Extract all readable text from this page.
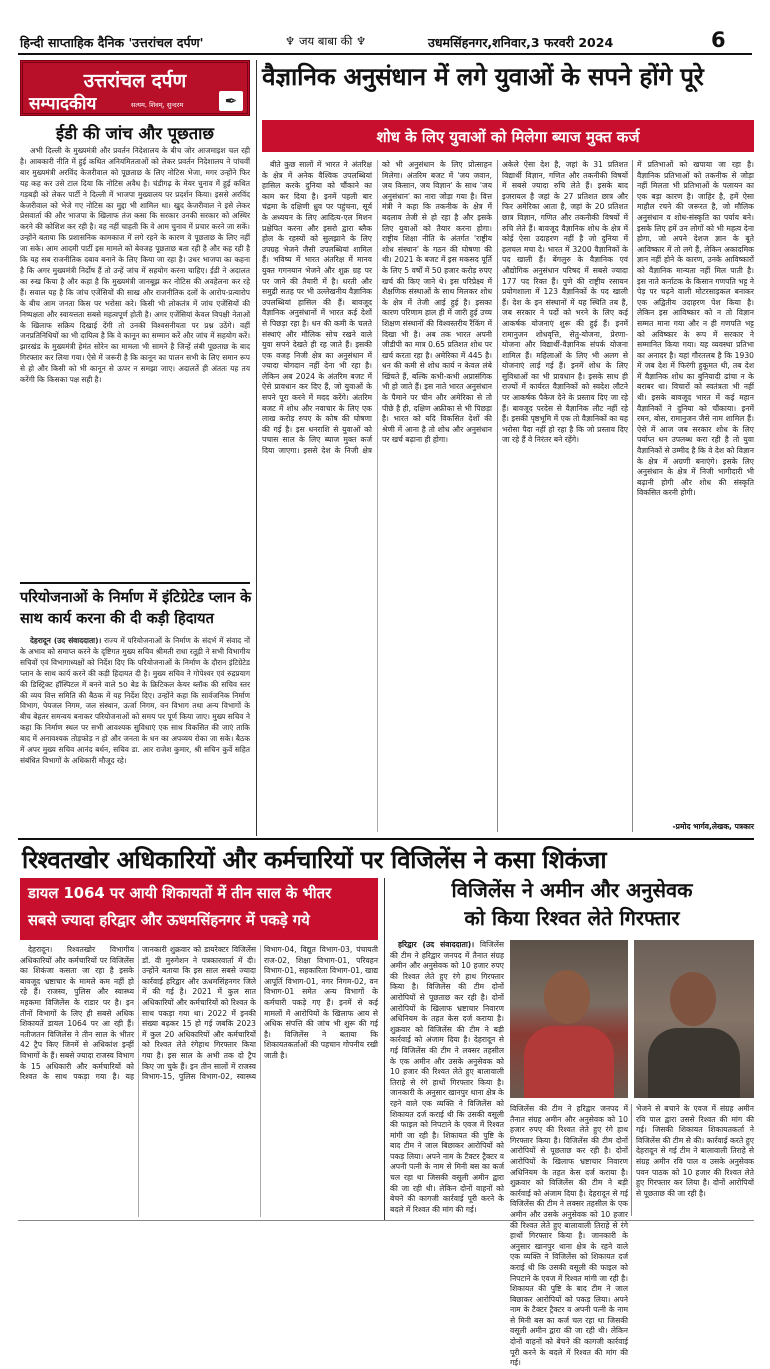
हिन्दी साप्ताहिक दैनिक 'उत्तरांचल दर्पण'	♆ जय बाबा की ♆	उधमसिंहनगर,शनिवार,3 फरवरी 2024	6
उत्तरांचल दर्पण
सम्पादकीय	सत्यम, शिवम्, सुन्दरम	✒
ईडी की जांच और पूछताछ
अभी दिल्ली के मुख्यमंत्री और प्रवर्तन निदेशालय के बीच जोर आजमाइश चल रही है। आबकारी नीति में हुई कथित अनियमितताओं को लेकर प्रवर्तन निदेशालय ने पांचवीं बार मुख्यमंत्री अरविंद केजरीवाल को पूछताछ के लिए नोटिस भेजा, मगर उन्होंने फिर यह कह कर उसे टाल दिया कि नोटिस अवैध है। चंडीगढ़ के मेयर चुनाव में हुई कथित गड़बड़ी को लेकर पार्टी ने दिल्ली में भाजपा मुख्यालय पर प्रदर्शन किया। इससे अरविंद केजरीवाल को भेजे गए नोटिस का मुद्दा भी शामिल था। खुद केजरीवाल ने इसे लेकर प्रेसवार्ता की और भाजपा के खिलाफ तंज कसा कि सरकार उनकी सरकार को अस्थिर करने की कोशिश कर रही है। वह नहीं चाहती कि वे आम चुनाव में प्रचार करने जा सकें। उन्होंने बताया कि प्रशासनिक कामकाज में लगे रहने के कारण वे पूछताछ के लिए नहीं जा सके। आम आदमी पार्टी इस मामले को बेवजह पूछताछ बता रही है और कह रही है कि यह सब राजनीतिक दबाव बनाने के लिए किया जा रहा है। उधर भाजपा का कहना है कि अगर मुख्यमंत्री निर्दोष हैं तो उन्हें जांच में सहयोग करना चाहिए। ईडी ने अदालत का रुख किया है और कहा है कि मुख्यमंत्री जानबूझ कर नोटिस की अवहेलना कर रहे हैं। सवाल यह है कि जांच एजेंसियों की साख और राजनीतिक दलों के आरोप-प्रत्यारोप के बीच आम जनता किस पर भरोसा करे। किसी भी लोकतंत्र में जांच एजेंसियों की निष्पक्षता और स्वायत्तता सबसे महत्वपूर्ण होती है। अगर एजेंसियां केवल विपक्षी नेताओं के खिलाफ सक्रिय दिखाई देंगी तो उनकी विश्वसनीयता पर प्रश्न उठेंगे। वहीं जनप्रतिनिधियों का भी दायित्व है कि वे कानून का सम्मान करें और जांच में सहयोग करें। झारखंड के मुख्यमंत्री हेमंत सोरेन का मामला भी सामने है जिन्हें लंबी पूछताछ के बाद गिरफ्तार कर लिया गया। ऐसे में जरूरी है कि कानून का पालन सभी के लिए समान रूप से हो और किसी को भी कानून से ऊपर न समझा जाए। अदालतें ही अंततः यह तय करेंगी कि किसका पक्ष सही है।
परियोजनाओं के निर्माण में इंटिग्रेटेड प्लान के साथ कार्य करना की दी कड़ी हिदायत
देहरादून (उद संवाददाता)। राज्य में परियोजनाओं के निर्माण के संदर्भ में संवाद नों के अभाव को समाप्त करने के दृष्टिगत मुख्य सचिव श्रीमती राधा रतूड़ी ने सभी विभागीय सचिवों एवं विभागाध्यक्षों को निर्देश दिए कि परियोजनाओं के निर्माण के दौरान इंटिग्रेटेड प्लान के साथ कार्य करने की कड़ी हिदायत दी है। मुख्य सचिव ने गोपेश्वर एवं रुद्रप्रयाग की डिस्ट्रिक्ट हॉस्पिटल में बनने वाले 50 बेड के क्रिटिकल केयर ब्लॉक की सचिव स्तर की व्यय वित्त समिति की बैठक में यह निर्देश दिए। उन्होंने कहा कि सार्वजनिक निर्माण विभाग, पेयजल निगम, जल संस्थान, ऊर्जा निगम, वन विभाग तथा अन्य विभागों के बीच बेहतर समन्वय बनाकर परियोजनाओं को समय पर पूर्ण किया जाए। मुख्य सचिव ने कहा कि निर्माण स्थल पर सभी आवश्यक सुविधाएं एक साथ विकसित की जाएं ताकि बाद में अनावश्यक तोड़फोड़ न हो और जनता के धन का अपव्यय रोका जा सके। बैठक में अपर मुख्य सचिव आनंद बर्धन, सचिव डा. आर राजेश कुमार, श्री सचिन कुर्वे सहित संबंधित विभागों के अधिकारी मौजूद रहे।
वैज्ञानिक अनुसंधान में लगे युवाओं के सपने होंगे पूरे
शोध के लिए युवाओं को मिलेगा ब्याज मुक्त कर्ज
बीते कुछ सालों में भारत ने अंतरिक्ष के क्षेत्र में अनेक वैश्विक उपलब्धियां हासिल करके दुनिया को चौंकाने का काम कर दिया है। इनमें पहली बार चंद्रमा के दक्षिणी ध्रुव पर पहुंचना, सूर्य के अध्ययन के लिए आदित्य-एल मिशन प्रक्षेपित करना और इसरो द्वारा ब्लैक होल के रहस्यों को सुलझाने के लिए उपग्रह भेजने जैसी उपलब्धियां शामिल हैं। भविष्य में भारत अंतरिक्ष में मानव युक्त गगनयान भेजने और शुक्र ग्रह पर पर जाने की तैयारी में है। धरती और समुद्री सतह पर भी उल्लेखनीय वैज्ञानिक उपलब्धियां हासिल की हैं। बावजूद वैज्ञानिक अनुसंधानों में भारत कई देशों से पिछड़ा रहा है। धन की कमी के चलते संस्थाएं और मौलिक सोच रखने वाले युवा सपने देखते ही रह जाते हैं। इसकी एक वजह निजी क्षेत्र का अनुसंधान में ज्यादा योगदान नहीं देना भी रहा है। लेकिन अब 2024 के अंतरिम बजट में ऐसे प्रावधान कर दिए हैं, जो युवाओं के सपने पूरा करने में मदद करेंगे। अंतरिम बजट में शोध और नवाचार के लिए एक लाख करोड़ रुपए के कोष की घोषणा की गई है। इस धनराशि से युवाओं को पचास साल के लिए ब्याज मुक्त कर्ज दिया जाएगा। इससे देश के निजी क्षेत्र को भी अनुसंधान के लिए प्रोत्साहन मिलेगा। अंतरिम बजट में 'जय जवान, जय किसान, जय विज्ञान' के साथ 'जय अनुसंधान' का नारा जोड़ा गया है। वित्त मंत्री ने कहा कि तकनीक के क्षेत्र में बदलाव तेजी से हो रहा है और इसके लिए युवाओं को तैयार करना होगा। राष्ट्रीय शिक्षा नीति के अंतर्गत 'राष्ट्रीय शोध संस्थान' के गठन की घोषणा की थी। 2021 के बजट में इस मकसद पूर्ति के लिए 5 वर्षों में 50 हजार करोड़ रुपए खर्च की किए जाने थे। इस परिप्रेक्ष्य में शैक्षणिक संस्थाओं के साथ मिलकर शोध के क्षेत्र में तेजी आई हुई है। इसका कारण परिणाम हाल ही में जारी हुई उच्च शिक्षण संस्थानों की विश्वस्तरीय रैंकिंग में दिखा भी है। अब तक भारत अपनी जीडीपी का मात्र 0.65 प्रतिशत शोध पर खर्च करता रहा है। अमेरिका में 445 है। धन की कमी से शोध कार्य न केवल लंबे खिंचते हैं, बल्कि कभी-कभी अप्रासंगिक भी हो जाते हैं। इस नाते भारत अनुसंधान के पैमाने पर चीन और अमेरिका से तो पीछे है ही, दक्षिण अफ्रीका से भी पिछड़ा है। भारत को यदि विकसित देशों की श्रेणी में आना है तो शोध और अनुसंधान पर खर्च बढ़ाना ही होगा।
अकेले ऐसा देश है, जहां के 31 प्रतिशत विद्यार्थी विज्ञान, गणित और तकनीकी विषयों में सबसे ज्यादा रुचि लेते हैं। इसके बाद इजरायल है जहां के 27 प्रतिशत छात्र और फिर अमेरिका आता है, जहां के 20 प्रतिशत छात्र विज्ञान, गणित और तकनीकी विषयों में रुचि लेते हैं। बावजूद वैज्ञानिक शोध के क्षेत्र में कोई ऐसा उदाहरण नहीं है जो दुनिया में हलचल मचा दे। भारत में 3200 वैज्ञानिकों के पद खाली हैं। बेंगलुरु के वैज्ञानिक एवं औद्योगिक अनुसंधान परिषद में सबसे ज्यादा 177 पद रिक्त हैं। पुणे की राष्ट्रीय रसायन प्रयोगशाला में 123 वैज्ञानिकों के पद खाली हैं। देश के इन संस्थानों में यह स्थिति तब है, जब सरकार ने पदों को भरने के लिए कई आकर्षक योजनाएं शुरू की हुई हैं। इनमें रामानुजन शोधवृत्ति, सेतु-योजना, प्रेरणा-योजना और विद्यार्थी-वैज्ञानिक संपर्क योजना शामिल हैं। महिलाओं के लिए भी अलग से योजनाएं लाई गई हैं। इनमें शोध के लिए सुविधाओं का भी प्रावधान है। इसके साथ ही राज्यों में कार्यरत वैज्ञानिकों को स्वदेश लौटने पर आकर्षक पैकेज देने के प्रस्ताव दिए जा रहे हैं। बावजूद परदेस से वैज्ञानिक लौट नहीं रहे हैं। इसकी पृष्ठभूमि में एक तो वैज्ञानिकों का यह भरोसा पैदा नहीं हो रहा है कि जो प्रस्ताव दिए जा रहे हैं वे निरंतर बने रहेंगे।
में प्रतिभाओं को खपाया जा रहा है। वैज्ञानिक प्रतिभाओं को तकनीक से जोड़ा नहीं मिलता भी प्रतिभाओं के पलायन का एक बड़ा कारण है। जाहिर है, हमें ऐसा माहौल रचने की जरूरत है, जो मौलिक अनुसंधान व शोध-संस्कृति का पर्याय बने। इसके लिए हमें उन लोगों को भी महत्व देना होगा, जो अपने देशज ज्ञान के बूते आविष्कार में तो लगे हैं, लेकिन अकादमिक ज्ञान नहीं होने के कारण, उनके आविष्कारों को वैज्ञानिक मान्यता नहीं मिल पाती है। इस नाते कर्नाटक के किसान गणपति भट्ट ने पेड़ पर चढ़ने वाली मोटरसाइकल बनाकर एक अद्वितीय उदाहरण पेश किया है। लेकिन इस आविष्कार को न तो विज्ञान सम्मत माना गया और न ही गणपति भट्ट को अविष्कार के रूप में सरकार ने सम्मानित किया गया। यह व्यवस्था प्रतिभा का अनादर है। यहां गौरतलब है कि 1930 में जब देश में फिरंगी हुकूमत थी, तब देश में वैज्ञानिक शोध का बुनियादी ढांचा न के बराबर था। विचारों को स्वतंत्रता भी नहीं थी। इसके बावजूद भारत में कई महान वैज्ञानिकों ने दुनिया को चौंकाया। इनमें रमन, बोस, रामानुजन जैसे नाम शामिल हैं। ऐसे में आज जब सरकार शोध के लिए पर्याप्त धन उपलब्ध करा रही है तो युवा वैज्ञानिकों से उम्मीद है कि वे देश को विज्ञान के क्षेत्र में अग्रणी बनाएंगे। इसके लिए अनुसंधान के क्षेत्र में निजी भागीदारी भी बढ़ानी होगी और शोध की संस्कृति विकसित करनी होगी।
-प्रमोद भार्गव,लेखक, पत्रकार
रिश्वतखोर अधिकारियों और कर्मचारियों पर विजिलेंस ने कसा शिकंजा
डायल 1064 पर आयी शिकायतों में तीन साल के भीतर
सबसे ज्यादा हरिद्वार और ऊधमसिंहनगर में पकड़े गये
देहरादून। रिश्वतखोर विभागीय अधिकारियों और कर्मचारियों पर विजिलेंस का शिकंजा कसता जा रहा है इसके बावजूद भ्रष्टाचार के मामले कम नहीं हो रहे हैं। राजस्व, पुलिस और स्वास्थ्य महकमा विजिलेंस के राडार पर है। इन तीनों विभागों के लिए ही सबसे अधिक शिकायतें डायल 1064 पर आ रही हैं। नतीजतन विजिलेंस ने तीन साल के भीतर 42 ट्रैप किए जिनमें से अधिकांश इन्हीं विभागों के हैं। सबसे ज्यादा राजस्व विभाग के 15 अधिकारी और कर्मचारियों को रिश्वत के साथ पकड़ा गया है। यह जानकारी शुक्रवार को डायरेक्टर विजिलेंस डॉ. वी मुरुगेशन ने पत्रकारवार्ता में दी। उन्होंने बताया कि इस साल सबसे ज्यादा कार्रवाई हरिद्वार और ऊधमसिंहनगर जिले में की गई है। 2021 में कुल सात अधिकारियों और कर्मचारियों को रिश्वत के साथ पकड़ा गया था। 2022 में इनकी संख्या बढ़कर 15 हो गई जबकि 2023 में कुल 20 अधिकारियों और कर्मचारियों को रिश्वत लेते रंगेहाथ गिरफ्तार किया गया है। इस साल के अभी तक दो ट्रैप किए जा चुके हैं। इन तीन सालों में राजस्व विभाग-15, पुलिस विभाग-02, स्वास्थ्य विभाग-04, विद्युत विभाग-03, पंचायती राज-02, शिक्षा विभाग-01, परिवहन विभाग-01, सहकारिता विभाग-01, खाद्य आपूर्ति विभाग-01, नगर निगम-02, वन विभाग-01 समेत अन्य विभागों के कर्मचारी पकड़े गए हैं। इनमें से कई मामलों में आरोपियों के खिलाफ आय से अधिक संपत्ति की जांच भी शुरू की गई है। विजिलेंस ने बताया कि शिकायतकर्ताओं की पहचान गोपनीय रखी जाती है।
विजिलेंस ने अमीन और अनुसेवक
को किया रिश्वत लेते गिरफ्तार
हरिद्वार (उद संवाददाता)। विजिलेंस की टीम ने हरिद्वार जनपद में तैनात संग्रह अमीन और अनुसेवक को 10 हजार रुपए की रिश्वत लेते हुए रंगे हाथ गिरफ्तार किया है। विजिलेंस की टीम दोनों आरोपियों से पूछताछ कर रही है। दोनों आरोपियों के खिलाफ भ्रष्टाचार निवारण अधिनियम के तहत केस दर्ज कराया है। शुक्रवार को विजिलेंस की टीम ने बड़ी कार्रवाई को अंजाम दिया है। देहरादून से गई विजिलेंस की टीम ने लक्सर तहसील के एक अमीन और उसके अनुसेवक को 10 हजार की रिश्वत लेते हुए बालावाली तिराहे से रंगे हाथों गिरफ्तार किया है। जानकारी के अनुसार खानपुर थाना क्षेत्र के रहने वाले एक व्यक्ति ने विजिलेंस को शिकायत दर्ज कराई थी कि उसकी वसूली की फाइल को निपटाने के एवज में रिश्वत मांगी जा रही है। शिकायत की पुष्टि के बाद टीम ने जाल बिछाकर आरोपियों को पकड़ लिया। अपने नाम के टैक्टर ट्रैक्टर व अपनी पत्नी के नाम से मिनी बस का कर्ज चल रहा था जिसकी वसूली अमीन द्वारा की जा रही थी। लेकिन दोनों वाहनों को बेचने की कागजी कार्रवाई पूरी करने के बदले में रिश्वत की मांग की गई।
विजिलेंस की टीम ने हरिद्वार जनपद में तैनात संग्रह अमीन और अनुसेवक को 10 हजार रुपए की रिश्वत लेते हुए रंगे हाथ गिरफ्तार किया है। विजिलेंस की टीम दोनों आरोपियों से पूछताछ कर रही है। दोनों आरोपियों के खिलाफ भ्रष्टाचार निवारण अधिनियम के तहत केस दर्ज कराया है। शुक्रवार को विजिलेंस की टीम ने बड़ी कार्रवाई को अंजाम दिया है। देहरादून से गई विजिलेंस की टीम ने लक्सर तहसील के एक अमीन और उसके अनुसेवक को 10 हजार की रिश्वत लेते हुए बालावाली तिराहे से रंगे हाथों गिरफ्तार किया है। जानकारी के अनुसार खानपुर थाना क्षेत्र के रहने वाले एक व्यक्ति ने विजिलेंस को शिकायत दर्ज कराई थी कि उसकी वसूली की फाइल को निपटाने के एवज में रिश्वत मांगी जा रही है। शिकायत की पुष्टि के बाद टीम ने जाल बिछाकर आरोपियों को पकड़ लिया। अपने नाम के टैक्टर ट्रैक्टर व अपनी पत्नी के नाम से मिनी बस का कर्ज चल रहा था जिसकी वसूली अमीन द्वारा की जा रही थी। लेकिन दोनों वाहनों को बेचने की कागजी कार्रवाई पूरी करने के बदले में रिश्वत की मांग की गई।
भेजने से बचाने के एवज में संग्रह अमीन रवि पाल द्वारा उससे रिश्वत की मांग की गई। जिसकी शिकायत शिकायतकर्ता ने विजिलेंस की टीम से की। कार्रवाई करते हुए देहरादून से गई टीम ने बालावाली तिराहे से संग्रह अमीन रवि पाल व उसके अनुसेवक पवन पाठक को 10 हजार की रिश्वत लेते हुए गिरफ्तार कर लिया है। दोनों आरोपियों से पूछताछ की जा रही है।
